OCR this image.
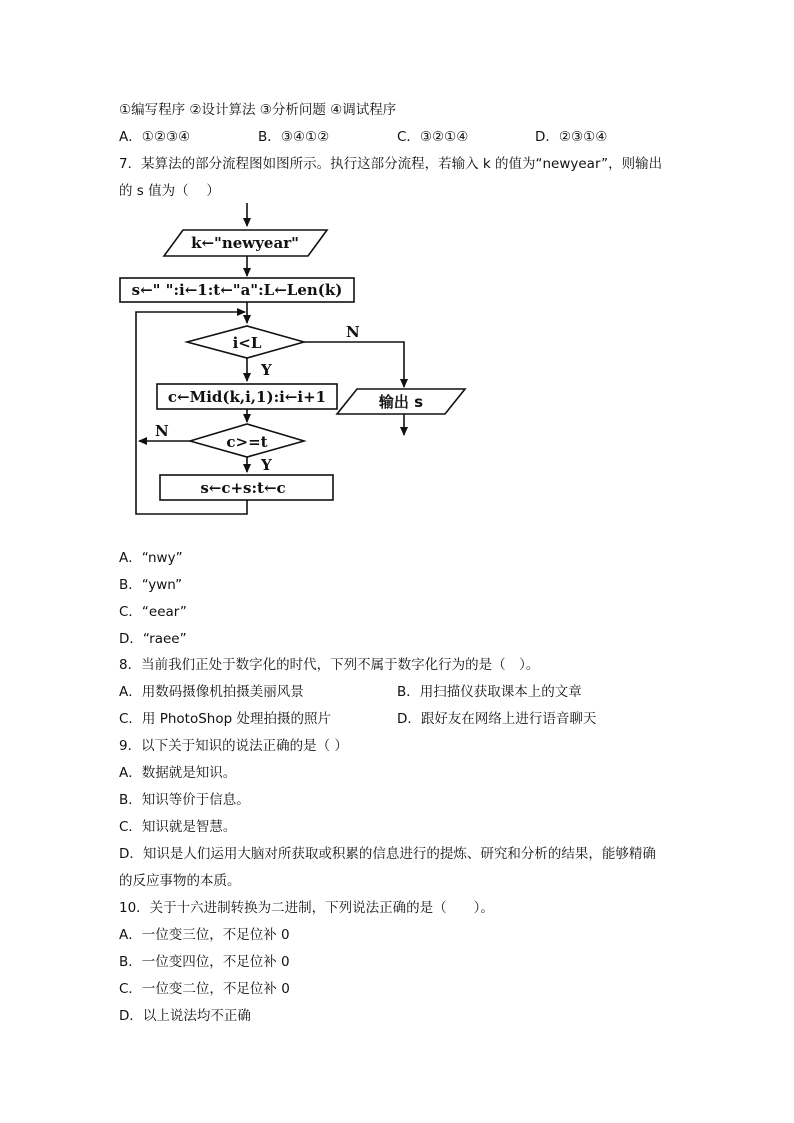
①编写程序 ②设计算法 ③分析问题 ④调试程序
A．①②③④	B．③④①②	C．③②①④	D．②③①④
7．某算法的部分流程图如图所示。执行这部分流程，若输入 k 的值为“newyear”，则输出
的 s 值为（　 ）
k←"newyear"
s←" ":i←1:t←"a":L←Len(k)
i<L
c←Mid(k,i,1):i←i+1
c>=t
s←c+s:t←c
输出 s
Y
N
Y
N
A．“nwy”
B．“ywn”
C．“eear”
D．“raee”
8．当前我们正处于数字化的时代，下列不属于数字化行为的是（　）。
A．用数码摄像机拍摄美丽风景	B．用扫描仪获取课本上的文章
C．用 PhotoShop 处理拍摄的照片	D．跟好友在网络上进行语音聊天
9．以下关于知识的说法正确的是（ ）
A．数据就是知识。
B．知识等价于信息。
C．知识就是智慧。
D．知识是人们运用大脑对所获取或积累的信息进行的提炼、研究和分析的结果，能够精确
的反应事物的本质。
10．关于十六进制转换为二进制，下列说法正确的是（　　）。
A．一位变三位，不足位补 0
B．一位变四位，不足位补 0
C．一位变二位，不足位补 0
D．以上说法均不正确
